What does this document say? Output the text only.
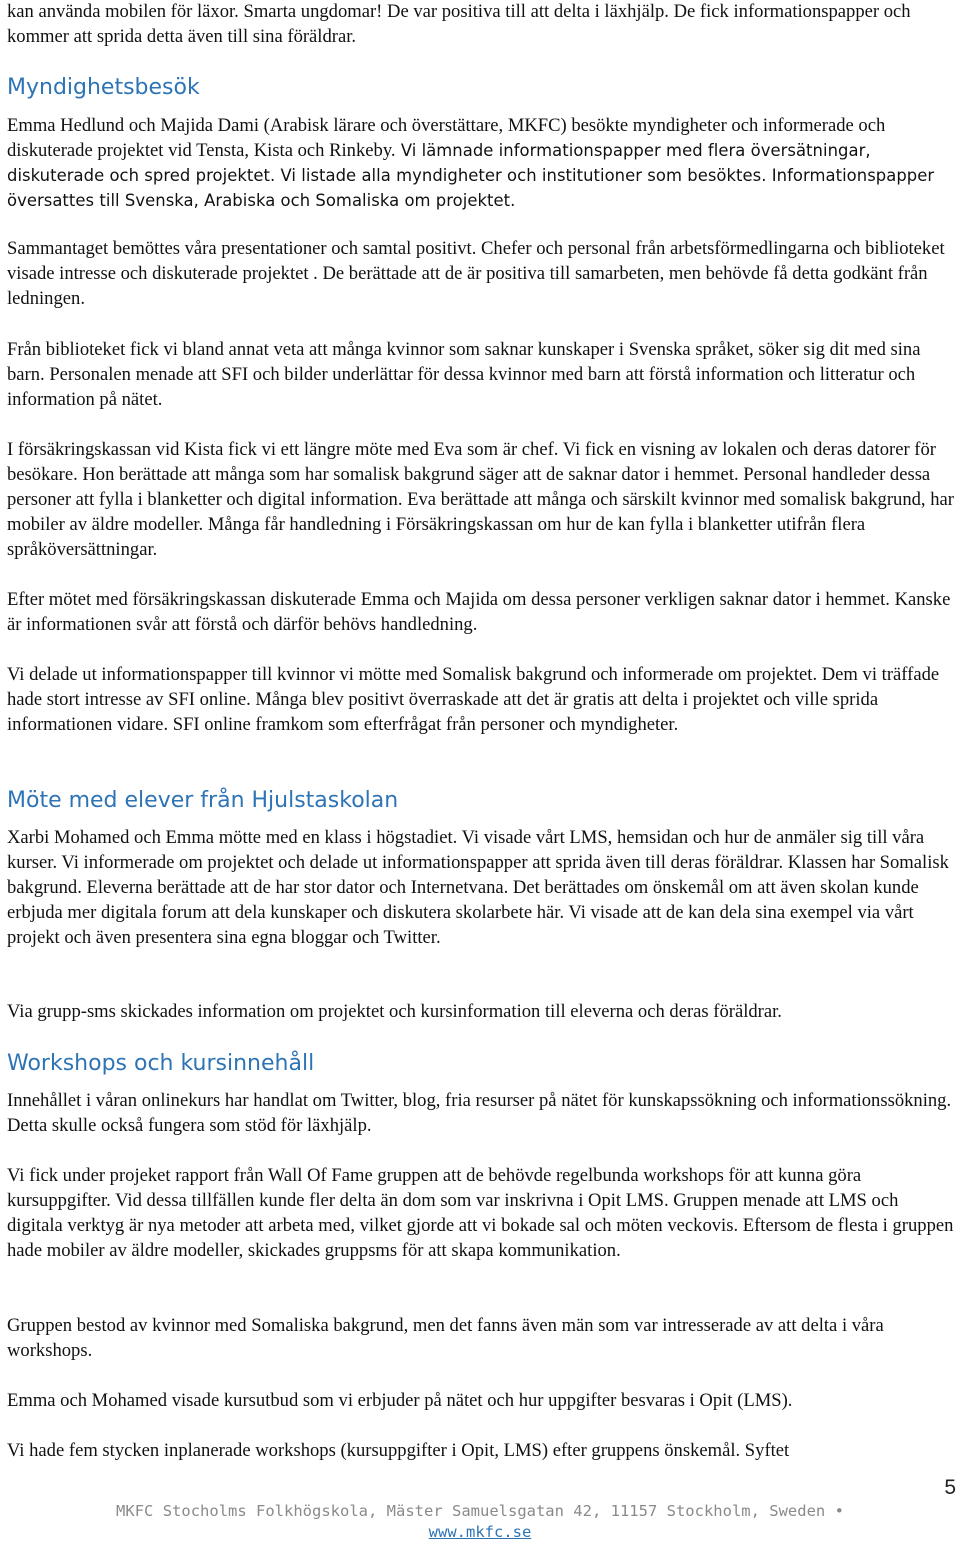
kan använda mobilen för läxor. Smarta ungdomar! De var positiva till att delta i läxhjälp. De fick informationspapper och kommer att sprida detta även till sina föräldrar.

Myndighetsbesök

Emma Hedlund och Majida Dami (Arabisk lärare och överstättare, MKFC) besökte myndigheter och informerade och diskuterade projektet vid Tensta, Kista och Rinkeby. Vi lämnade informationspapper med flera översätningar, diskuterade och spred projektet. Vi listade alla myndigheter och institutioner som besöktes. Informationspapper översattes till Svenska, Arabiska och Somaliska om projektet.

Sammantaget bemöttes våra presentationer och samtal positivt. Chefer och personal från arbetsförmedlingarna och biblioteket visade intresse och diskuterade projektet . De berättade att de är positiva till samarbeten, men behövde få detta godkänt från ledningen.

Från biblioteket fick vi bland annat veta att många kvinnor som saknar kunskaper i Svenska språket, söker sig dit med sina barn. Personalen menade att SFI och bilder underlättar för dessa kvinnor med barn att förstå information och litteratur och information på nätet.

I försäkringskassan vid Kista fick vi ett längre möte med Eva som är chef. Vi fick en visning av lokalen och deras datorer för besökare. Hon berättade att många som har somalisk bakgrund säger att de saknar dator i hemmet. Personal handleder dessa personer att fylla i blanketter och digital information. Eva berättade att många och särskilt kvinnor med somalisk bakgrund, har mobiler av äldre modeller. Många får handledning i Försäkringskassan om hur de kan fylla i blanketter utifrån flera språköversättningar.

Efter mötet med försäkringskassan diskuterade Emma och Majida om dessa personer verkligen saknar dator i hemmet. Kanske är informationen svår att förstå och därför behövs handledning.

Vi delade ut informationspapper till kvinnor vi mötte med Somalisk bakgrund och informerade om projektet. Dem vi träffade hade stort intresse av SFI online. Många blev positivt överraskade att det är gratis att delta i projektet och ville sprida informationen vidare. SFI online framkom som efterfrågat från personer och myndigheter.

Möte med elever från Hjulstaskolan

Xarbi Mohamed och Emma mötte med en klass i högstadiet. Vi visade vårt LMS, hemsidan och hur de anmäler sig till våra kurser. Vi informerade om projektet och delade ut informationspapper att sprida även till deras föräldrar. Klassen har Somalisk bakgrund. Eleverna berättade att de har stor dator och Internetvana. Det berättades om önskemål om att även skolan kunde erbjuda mer digitala forum att dela kunskaper och diskutera skolarbete här. Vi visade att de kan dela sina exempel via vårt projekt och även presentera sina egna bloggar och Twitter.

Via grupp-sms skickades information om projektet och kursinformation till eleverna och deras föräldrar.

Workshops och kursinnehåll

Innehållet i våran onlinekurs har handlat om Twitter, blog, fria resurser på nätet för kunskapssökning och informationssökning. Detta skulle också fungera som stöd för läxhjälp.

Vi fick under projeket rapport från Wall Of Fame gruppen att de behövde regelbunda workshops för att kunna göra kursuppgifter. Vid dessa tillfällen kunde fler delta än dom som var inskrivna i Opit LMS. Gruppen menade att LMS och digitala verktyg är nya metoder att arbeta med, vilket gjorde att vi bokade sal och möten veckovis. Eftersom de flesta i gruppen hade mobiler av äldre modeller, skickades gruppsms för att skapa kommunikation.

Gruppen bestod av kvinnor med Somaliska bakgrund, men det fanns även män som var intresserade av att delta i våra workshops.

Emma och Mohamed visade kursutbud som vi erbjuder på nätet och hur uppgifter besvaras i Opit (LMS).

Vi hade fem stycken inplanerade workshops (kursuppgifter i Opit, LMS) efter gruppens önskemål. Syftet

5
MKFC Stocholms Folkhögskola, Mäster Samuelsgatan 42, 11157 Stockholm, Sweden •
www.mkfc.se
